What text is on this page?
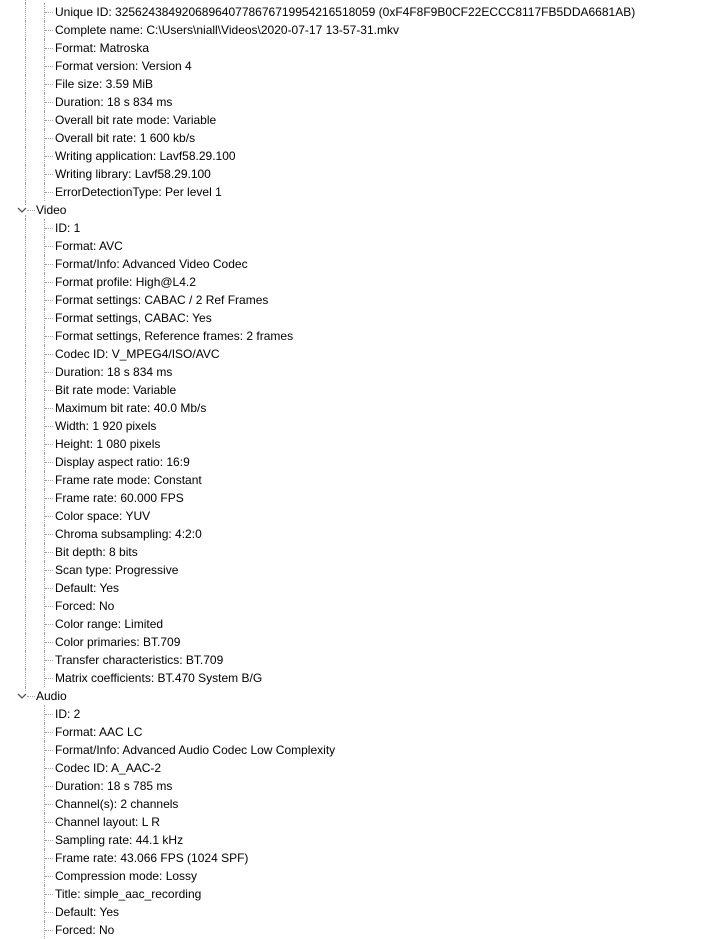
Unique ID: 325624384920689640778676719954216518059 (0xF4F8F9B0CF22ECCC8117FB5DDA6681AB)
Complete name: C:\Users\niall\Videos\2020-07-17 13-57-31.mkv
Format: Matroska
Format version: Version 4
File size: 3.59 MiB
Duration: 18 s 834 ms
Overall bit rate mode: Variable
Overall bit rate: 1 600 kb/s
Writing application: Lavf58.29.100
Writing library: Lavf58.29.100
ErrorDetectionType: Per level 1
Video
ID: 1
Format: AVC
Format/Info: Advanced Video Codec
Format profile: High@L4.2
Format settings: CABAC / 2 Ref Frames
Format settings, CABAC: Yes
Format settings, Reference frames: 2 frames
Codec ID: V_MPEG4/ISO/AVC
Duration: 18 s 834 ms
Bit rate mode: Variable
Maximum bit rate: 40.0 Mb/s
Width: 1 920 pixels
Height: 1 080 pixels
Display aspect ratio: 16:9
Frame rate mode: Constant
Frame rate: 60.000 FPS
Color space: YUV
Chroma subsampling: 4:2:0
Bit depth: 8 bits
Scan type: Progressive
Default: Yes
Forced: No
Color range: Limited
Color primaries: BT.709
Transfer characteristics: BT.709
Matrix coefficients: BT.470 System B/G
Audio
ID: 2
Format: AAC LC
Format/Info: Advanced Audio Codec Low Complexity
Codec ID: A_AAC-2
Duration: 18 s 785 ms
Channel(s): 2 channels
Channel layout: L R
Sampling rate: 44.1 kHz
Frame rate: 43.066 FPS (1024 SPF)
Compression mode: Lossy
Title: simple_aac_recording
Default: Yes
Forced: No
